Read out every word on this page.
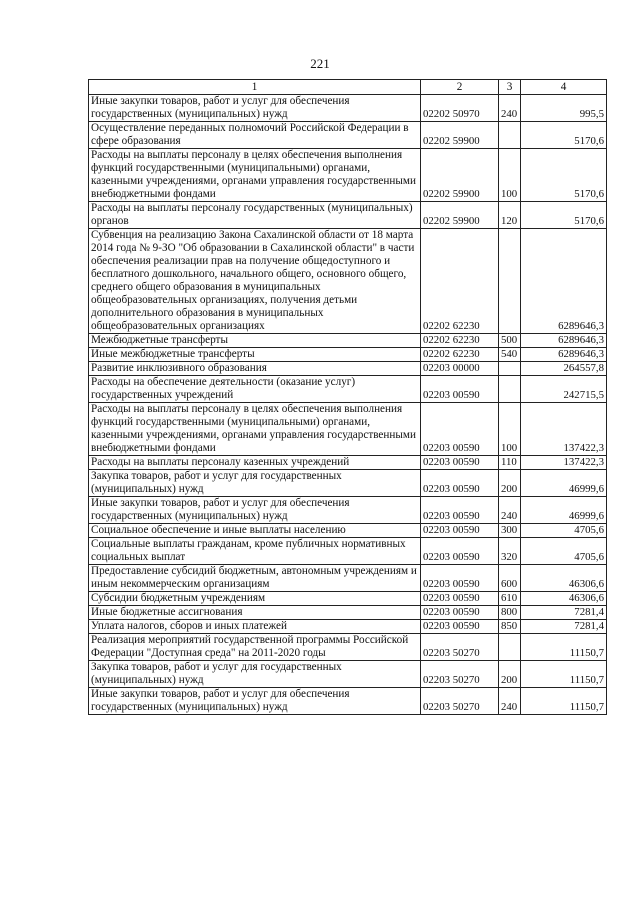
221
1	2	3	4
Иные закупки товаров, работ и услуг для обеспечения государственных (муниципальных) нужд	02202 50970	240	995,5
Осуществление переданных полномочий Российской Федерации в сфере образования	02202 59900		5170,6
Расходы на выплаты персоналу в целях обеспечения выполнения функций государственными (муниципальными) органами, казенными учреждениями, органами управления государственными внебюджетными фондами	02202 59900	100	5170,6
Расходы на выплаты персоналу государственных (муниципальных) органов	02202 59900	120	5170,6
Субвенция на реализацию Закона Сахалинской области от 18 марта 2014 года № 9-ЗО "Об образовании в Сахалинской области" в части обеспечения реализации прав на получение общедоступного и бесплатного дошкольного, начального общего, основного общего, среднего общего образования в муниципальных общеобразовательных организациях, получения детьми дополнительного образования в муниципальных общеобразовательных организациях	02202 62230		6289646,3
Межбюджетные трансферты	02202 62230	500	6289646,3
Иные межбюджетные трансферты	02202 62230	540	6289646,3
Развитие инклюзивного образования	02203 00000		264557,8
Расходы на обеспечение деятельности (оказание услуг) государственных учреждений	02203 00590		242715,5
Расходы на выплаты персоналу в целях обеспечения выполнения функций государственными (муниципальными) органами, казенными учреждениями, органами управления государственными внебюджетными фондами	02203 00590	100	137422,3
Расходы на выплаты персоналу казенных учреждений	02203 00590	110	137422,3
Закупка товаров, работ и услуг для государственных (муниципальных) нужд	02203 00590	200	46999,6
Иные закупки товаров, работ и услуг для обеспечения государственных (муниципальных) нужд	02203 00590	240	46999,6
Социальное обеспечение и иные выплаты населению	02203 00590	300	4705,6
Социальные выплаты гражданам, кроме публичных нормативных социальных выплат	02203 00590	320	4705,6
Предоставление субсидий бюджетным, автономным учреждениям и иным некоммерческим организациям	02203 00590	600	46306,6
Субсидии бюджетным учреждениям	02203 00590	610	46306,6
Иные бюджетные ассигнования	02203 00590	800	7281,4
Уплата налогов, сборов и иных платежей	02203 00590	850	7281,4
Реализация мероприятий государственной программы Российской Федерации "Доступная среда" на 2011-2020 годы	02203 50270		11150,7
Закупка товаров, работ и услуг для государственных (муниципальных) нужд	02203 50270	200	11150,7
Иные закупки товаров, работ и услуг для обеспечения государственных (муниципальных) нужд	02203 50270	240	11150,7
